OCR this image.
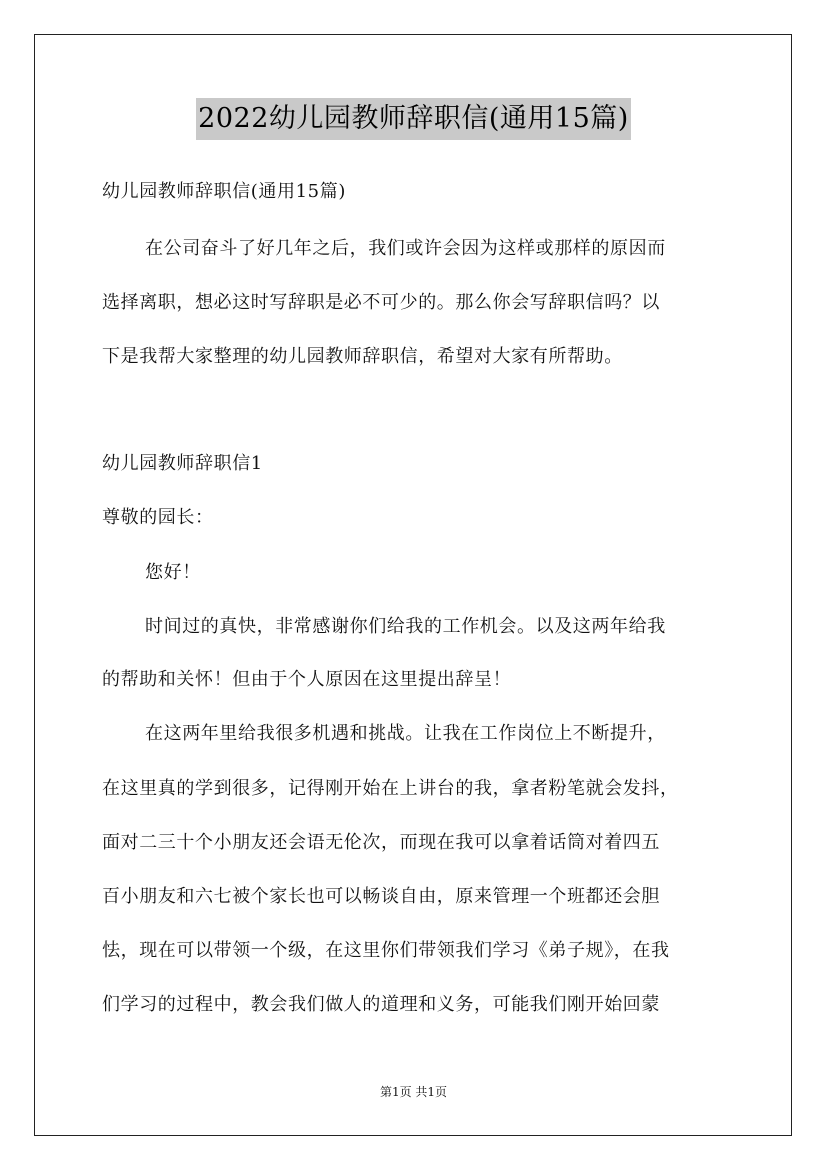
2022幼儿园教师辞职信(通用15篇)
幼儿园教师辞职信(通用15篇)
在公司奋斗了好几年之后，我们或许会因为这样或那样的原因而
选择离职，想必这时写辞职是必不可少的。那么你会写辞职信吗？以
下是我帮大家整理的幼儿园教师辞职信，希望对大家有所帮助。
幼儿园教师辞职信1
尊敬的园长：
您好！
时间过的真快，非常感谢你们给我的工作机会。以及这两年给我
的帮助和关怀！但由于个人原因在这里提出辞呈！
在这两年里给我很多机遇和挑战。让我在工作岗位上不断提升，
在这里真的学到很多，记得刚开始在上讲台的我，拿者粉笔就会发抖，
面对二三十个小朋友还会语无伦次，而现在我可以拿着话筒对着四五
百小朋友和六七被个家长也可以畅谈自由，原来管理一个班都还会胆
怯，现在可以带领一个级，在这里你们带领我们学习《弟子规》，在我
们学习的过程中，教会我们做人的道理和义务，可能我们刚开始回蒙
第1页 共1页
